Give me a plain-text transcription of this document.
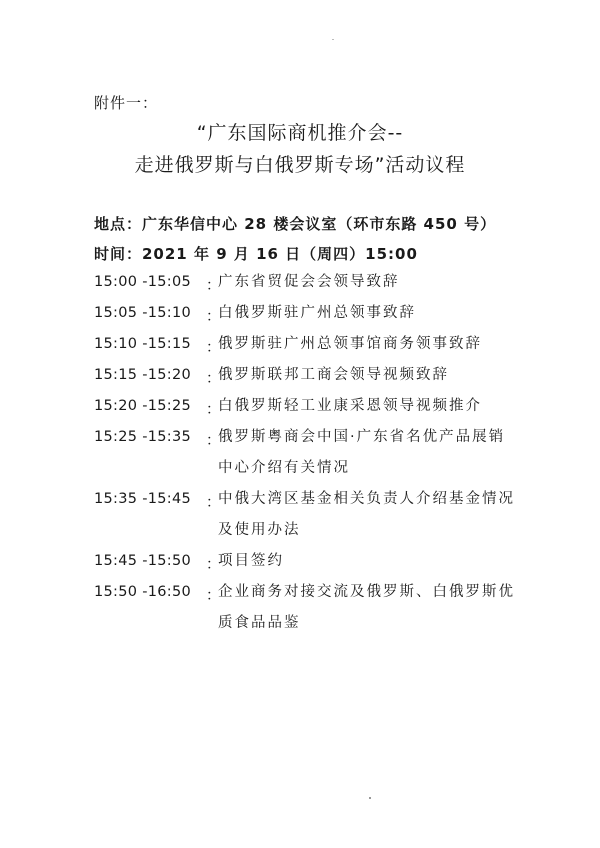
附件一：
“广东国际商机推介会--
走进俄罗斯与白俄罗斯专场”活动议程
地点：广东华信中心 28 楼会议室（环市东路 450 号）
时间：2021 年 9 月 16 日（周四）15:00
15:00 -15:05 ：
广东省贸促会会领导致辞
15:05 -15:10 ：
白俄罗斯驻广州总领事致辞
15:10 -15:15 ：
俄罗斯驻广州总领事馆商务领事致辞
15:15 -15:20 ：
俄罗斯联邦工商会领导视频致辞
15:20 -15:25 ：
白俄罗斯轻工业康采恩领导视频推介
15:25 -15:35 ：
俄罗斯粤商会中国·广东省名优产品展销中心介绍有关情况
15:35 -15:45 ：
中俄大湾区基金相关负责人介绍基金情况及使用办法
15:45 -15:50 ：
项目签约
15:50 -16:50 ：
企业商务对接交流及俄罗斯、白俄罗斯优质食品品鉴
